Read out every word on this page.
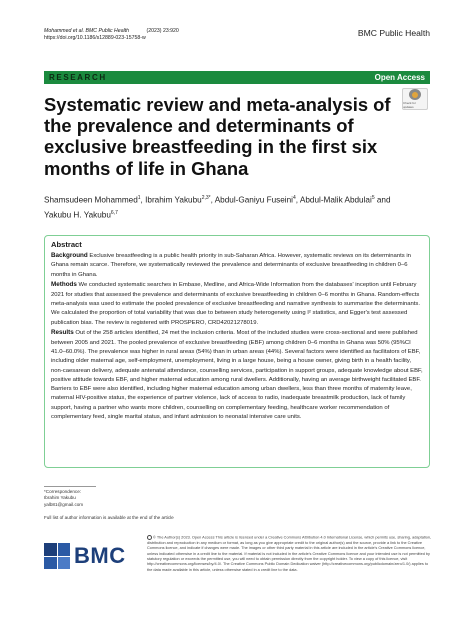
Mohammed et al. BMC Public Health	(2023) 23:920
https://doi.org/10.1186/s12889-023-15758-w	BMC Public Health
RESEARCH	Open Access
Check for updates
Systematic review and meta-analysis of the prevalence and determinants of exclusive breastfeeding in the first six months of life in Ghana
Shamsudeen Mohammed$^1$, Ibrahim Yakubu$^{2,3*}$, Abdul-Ganiyu Fuseini$^4$, Abdul-Malik Abdulai$^5$ and Yakubu H. Yakubu$^{6,7}$
Abstract

Background Exclusive breastfeeding is a public health priority in sub-Saharan Africa. However, systematic reviews on its determinants in Ghana remain scarce. Therefore, we systematically reviewed the prevalence and determinants of exclusive breastfeeding in children 0–6 months in Ghana.

Methods We conducted systematic searches in Embase, Medline, and Africa-Wide Information from the databases' inception until February 2021 for studies that assessed the prevalence and determinants of exclusive breastfeeding in children 0–6 months in Ghana. Random-effects meta-analysis was used to estimate the pooled prevalence of exclusive breastfeeding and narrative synthesis to summarise the determinants. We calculated the proportion of total variability that was due to between study heterogeneity using I² statistics, and Egger's test assessed publication bias. The review is registered with PROSPERO, CRD42021278019.

Results Out of the 258 articles identified, 24 met the inclusion criteria. Most of the included studies were cross-sectional and were published between 2005 and 2021. The pooled prevalence of exclusive breastfeeding (EBF) among children 0–6 months in Ghana was 50% (95%CI 41.0–60.0%). The prevalence was higher in rural areas (54%) than in urban areas (44%). Several factors were identified as facilitators of EBF, including older maternal age, self-employment, unemployment, living in a large house, being a house owner, giving birth in a health facility, non-caesarean delivery, adequate antenatal attendance, counselling services, participation in support groups, adequate knowledge about EBF, positive attitude towards EBF, and higher maternal education among rural dwellers. Additionally, having an average birthweight facilitated EBF. Barriers to EBF were also identified, including higher maternal education among urban dwellers, less than three months of maternity leave, maternal HIV-positive status, the experience of partner violence, lack of access to radio, inadequate breastmilk production, lack of family support, having a partner who wants more children, counselling on complementary feeding, healthcare worker recommendation of complementary feed, single marital status, and infant admission to neonatal intensive care units.

*Correspondence:
Ibrahim Yakubu
yalb81@gmail.com
Full list of author information is available at the end of the article
BMC
© The Author(s) 2023. Open Access This article is licensed under a Creative Commons Attribution 4.0 International License, which permits use, sharing, adaptation, distribution and reproduction in any medium or format, as long as you give appropriate credit to the original author(s) and the source, provide a link to the Creative Commons licence, and indicate if changes were made. The images or other third party material in this article are included in the article's Creative Commons licence, unless indicated otherwise in a credit line to the material. If material is not included in the article's Creative Commons licence and your intended use is not permitted by statutory regulation or exceeds the permitted use, you will need to obtain permission directly from the copyright holder. To view a copy of this licence, visit http://creativecommons.org/licenses/by/4.0/. The Creative Commons Public Domain Dedication waiver (http://creativecommons.org/publicdomain/zero/1.0/) applies to the data made available in this article, unless otherwise stated in a credit line to the data.
